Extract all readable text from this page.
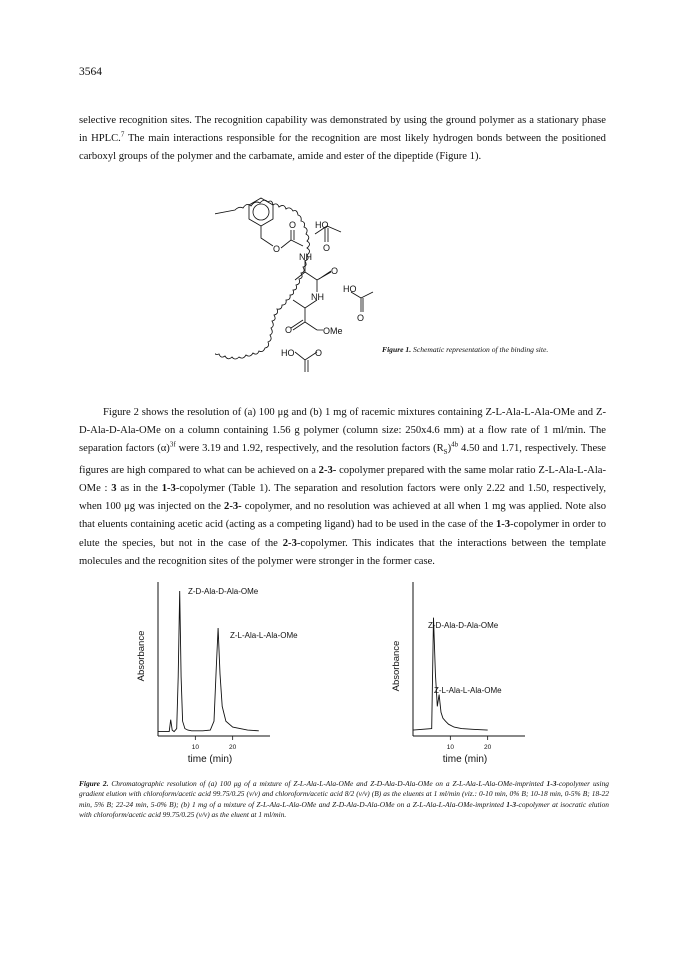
3564

selective recognition sites. The recognition capability was demonstrated by using the ground polymer as a stationary phase in HPLC.$^7$ The main interactions responsible for the recognition are most likely hydrogen bonds between the positioned carboxyl groups of the polymer and the carbamate, amide and ester of the dipeptide (Figure 1).

HO
O
O	O
NH
O
HO
NH
O
O	OMe
HO O	Figure 1. Schematic representation of the binding site.

Figure 2 shows the resolution of (a) 100 μg and (b) 1 mg of racemic mixtures containing Z-L-Ala-L-Ala-OMe and Z-D-Ala-D-Ala-OMe on a column containing 1.56 g polymer (column size: 250x4.6 mm) at a flow rate of 1 ml/min. The separation factors $(\alpha)^{3f}$ were 3.19 and 1.92, respectively, and the resolution factors $(R_S)^{4b}$ 4.50 and 1.71, respectively. These figures are high compared to what can be achieved on a 2-3- copolymer prepared with the same molar ratio Z-L-Ala-L-Ala-OMe : 3 as in the 1-3-copolymer (Table 1). The separation and resolution factors were only 2.22 and 1.50, respectively, when 100 μg was injected on the 2-3- copolymer, and no resolution was achieved at all when 1 mg was applied. Note also that eluents containing acetic acid (acting as a competing ligand) had to be used in the case of the 1-3-copolymer in order to elute the species, but not in the case of the 2-3-copolymer. This indicates that the interactions between the template molecules and the recognition sites of the polymer were stronger in the former case.

10	20
time (min)
Absorbance
Z-D-Ala-D-Ala-OMe
Z-L-Ala-L-Ala-OMe
10	20
time (min)
Absorbance
Z-D-Ala-D-Ala-OMe
Z-L-Ala-L-Ala-OMe

Figure 2. Chromatographic resolution of (a) 100 μg of a mixture of Z-L-Ala-L-Ala-OMe and Z-D-Ala-D-Ala-OMe on a Z-L-Ala-L-Ala-OMe-imprinted 1-3-copolymer using gradient elution with chloroform/acetic acid 99.75/0.25 (v/v) and chloroform/acetic acid 8/2 (v/v) (B) as the eluents at 1 ml/min (viz.: 0-10 min, 0% B; 10-18 min, 0-5% B; 18-22 min, 5% B; 22-24 min, 5-0% B); (b) 1 mg of a mixture of Z-L-Ala-L-Ala-OMe and Z-D-Ala-D-Ala-OMe on a Z-L-Ala-L-Ala-OMe-imprinted 1-3-copolymer at isocratic elution with chloroform/acetic acid 99.75/0.25 (v/v) as the eluent at 1 ml/min.
